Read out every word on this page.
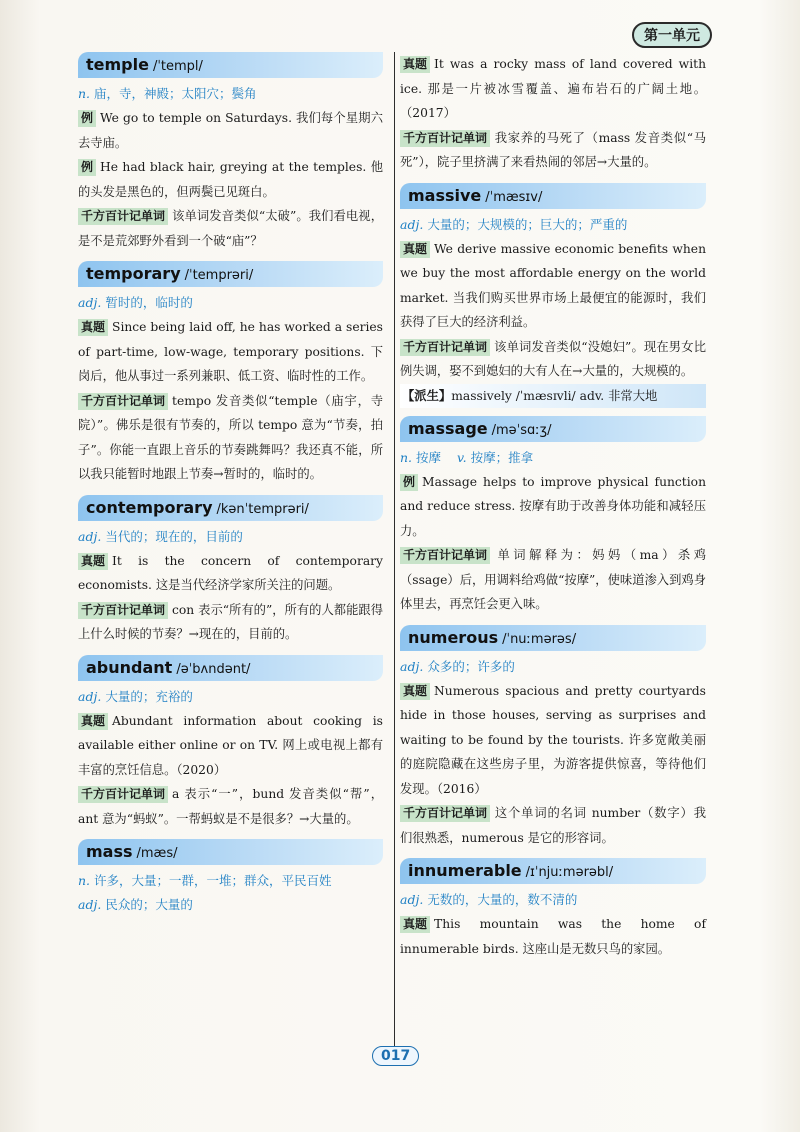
第一单元
temple /ˈtempl/
n. 庙，寺，神殿；太阳穴；鬓角
例 We go to temple on Saturdays. 我们每个星期六去寺庙。
例 He had black hair, greying at the temples. 他的头发是黑色的，但两鬓已见斑白。
千方百计记单词 该单词发音类似“太破”。我们看电视，是不是荒郊野外看到一个破“庙”？
temporary /ˈtemprəri/
adj. 暂时的，临时的
真题 Since being laid off, he has worked a series of part-time, low-wage, temporary positions. 下岗后，他从事过一系列兼职、低工资、临时性的工作。
千方百计记单词 tempo 发音类似“temple（庙宇，寺院）”。佛乐是很有节奏的，所以 tempo 意为“节奏，拍子”。你能一直跟上音乐的节奏跳舞吗？我还真不能，所以我只能暂时地跟上节奏→暂时的，临时的。
contemporary /kənˈtemprəri/
adj. 当代的；现在的，目前的
真题 It is the concern of contemporary economists. 这是当代经济学家所关注的问题。
千方百计记单词 con 表示“所有的”，所有的人都能跟得上什么时候的节奏？→现在的，目前的。
abundant /əˈbʌndənt/
adj. 大量的；充裕的
真题 Abundant information about cooking is available either online or on TV. 网上或电视上都有丰富的烹饪信息。（2020）
千方百计记单词 a 表示“一”，bund 发音类似“帮”，ant 意为“蚂蚁”。一帮蚂蚁是不是很多？→大量的。
mass /mæs/
n. 许多，大量；一群，一堆；群众，平民百姓
adj. 民众的；大量的
真题 It was a rocky mass of land covered with ice. 那是一片被冰雪覆盖、遍布岩石的广阔土地。（2017）
千方百计记单词 我家养的马死了（mass 发音类似“马死”），院子里挤满了来看热闹的邻居→大量的。
massive /ˈmæsɪv/
adj. 大量的；大规模的；巨大的；严重的
真题 We derive massive economic benefits when we buy the most affordable energy on the world market. 当我们购买世界市场上最便宜的能源时，我们获得了巨大的经济利益。
千方百计记单词 该单词发音类似“没媳妇”。现在男女比例失调，娶不到媳妇的大有人在→大量的，大规模的。
【派生】massively /ˈmæsɪvli/ adv. 非常大地
massage /məˈsɑːʒ/
n. 按摩 v. 按摩；推拿
例 Massage helps to improve physical function and reduce stress. 按摩有助于改善身体功能和减轻压力。
千方百计记单词 单词解释为：妈妈（ma）杀鸡（ssage）后，用调料给鸡做“按摩”，使味道渗入到鸡身体里去，再烹饪会更入味。
numerous /ˈnuːmərəs/
adj. 众多的；许多的
真题 Numerous spacious and pretty courtyards hide in those houses, serving as surprises and waiting to be found by the tourists. 许多宽敞美丽的庭院隐藏在这些房子里，为游客提供惊喜，等待他们发现。（2016）
千方百计记单词 这个单词的名词 number（数字）我们很熟悉，numerous 是它的形容词。
innumerable /ɪˈnjuːmərəbl/
adj. 无数的，大量的，数不清的
真题 This mountain was the home of innumerable birds. 这座山是无数只鸟的家园。
017
